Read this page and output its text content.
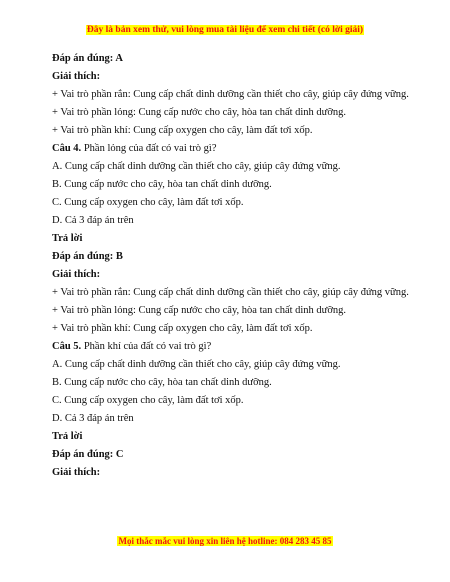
Đây là bản xem thử, vui lòng mua tài liệu để xem chi tiết (có lời giải)

Đáp án đúng: A

Giải thích:

+ Vai trò phần rắn: Cung cấp chất dinh dưỡng cần thiết cho cây, giúp cây đứng vững.

+ Vai trò phần lỏng: Cung cấp nước cho cây, hòa tan chất dinh dưỡng.

+ Vai trò phần khí: Cung cấp oxygen cho cây, làm đất tơi xốp.

Câu 4. Phần lỏng của đất có vai trò gì?

A. Cung cấp chất dinh dưỡng cần thiết cho cây, giúp cây đứng vững.

B. Cung cấp nước cho cây, hòa tan chất dinh dưỡng.

C. Cung cấp oxygen cho cây, làm đất tơi xốp.

D. Cả 3 đáp án trên

Trả lời

Đáp án đúng: B

Giải thích:

+ Vai trò phần rắn: Cung cấp chất dinh dưỡng cần thiết cho cây, giúp cây đứng vững.

+ Vai trò phần lỏng: Cung cấp nước cho cây, hòa tan chất dinh dưỡng.

+ Vai trò phần khí: Cung cấp oxygen cho cây, làm đất tơi xốp.

Câu 5. Phần khí của đất có vai trò gì?

A. Cung cấp chất dinh dưỡng cần thiết cho cây, giúp cây đứng vững.

B. Cung cấp nước cho cây, hòa tan chất dinh dưỡng.

C. Cung cấp oxygen cho cây, làm đất tơi xốp.

D. Cả 3 đáp án trên

Trả lời

Đáp án đúng: C

Giải thích:

Mọi thắc mắc vui lòng xin liên hệ hotline: 084 283 45 85
